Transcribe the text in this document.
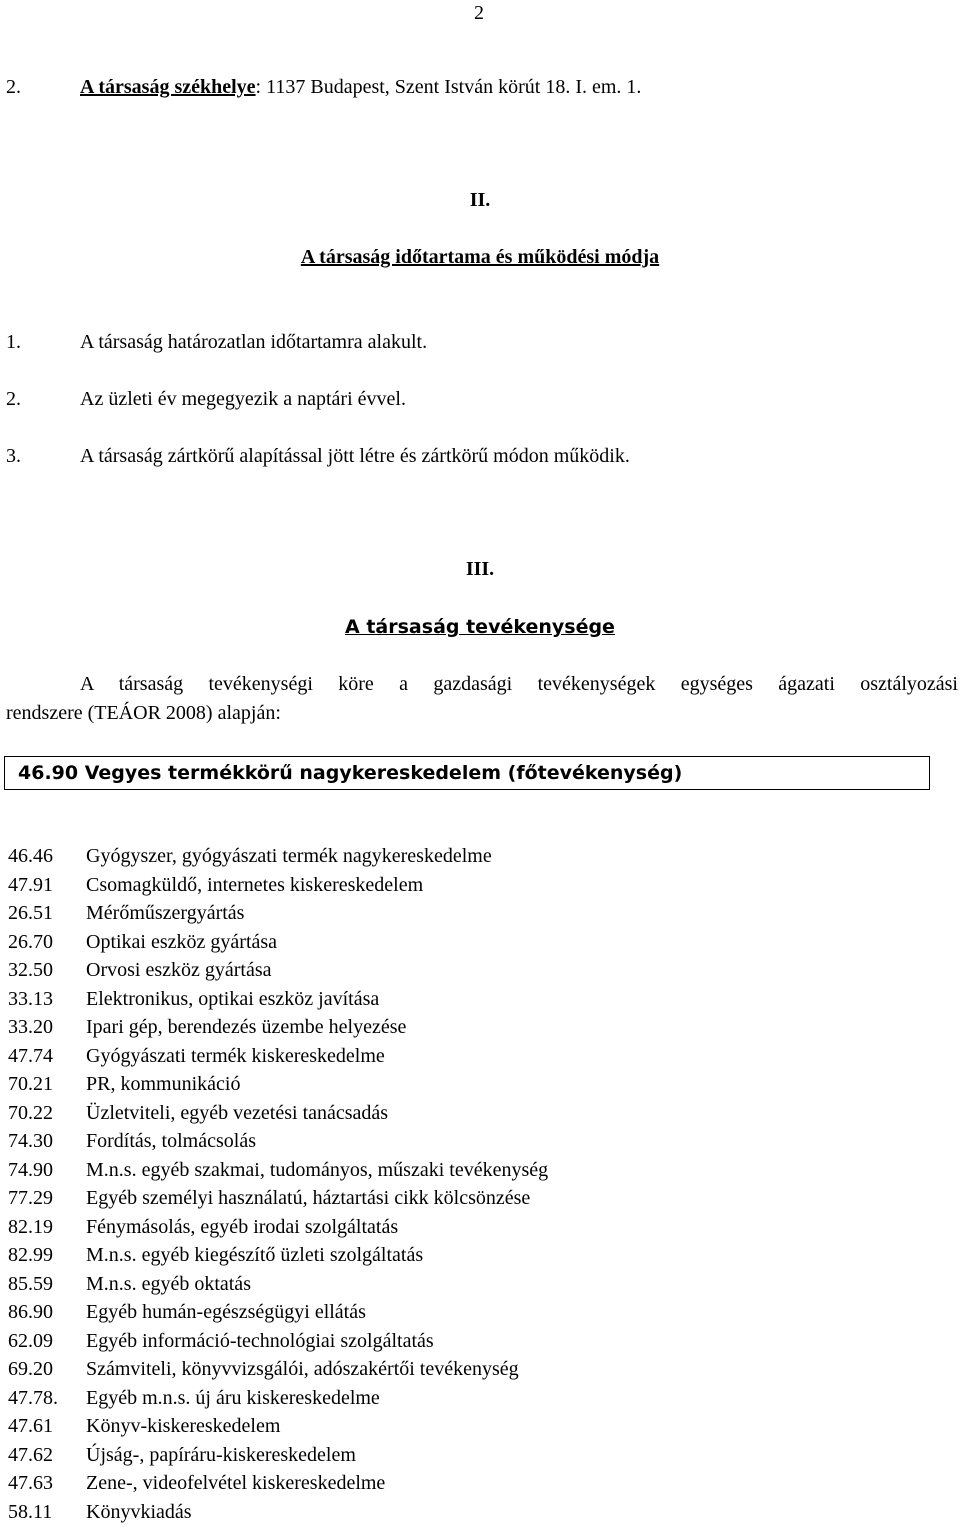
2
2.	A társaság székhelye: 1137 Budapest, Szent István körút 18. I. em. 1.
II.
A társaság időtartama és működési módja
1.	A társaság határozatlan időtartamra alakult.
2.	Az üzleti év megegyezik a naptári évvel.
3.	A társaság zártkörű alapítással jött létre és zártkörű módon működik.
III.
A társaság tevékenysége
A társaság tevékenységi köre a gazdasági tevékenységek egységes ágazati osztályozási
rendszere (TEÁOR 2008) alapján:
46.90 Vegyes termékkörű nagykereskedelem (főtevékenység)
46.46 Gyógyszer, gyógyászati termék nagykereskedelme
47.91 Csomagküldő, internetes kiskereskedelem
26.51 Mérőműszergyártás
26.70 Optikai eszköz gyártása
32.50 Orvosi eszköz gyártása
33.13 Elektronikus, optikai eszköz javítása
33.20 Ipari gép, berendezés üzembe helyezése
47.74 Gyógyászati termék kiskereskedelme
70.21 PR, kommunikáció
70.22 Üzletviteli, egyéb vezetési tanácsadás
74.30 Fordítás, tolmácsolás
74.90 M.n.s. egyéb szakmai, tudományos, műszaki tevékenység
77.29 Egyéb személyi használatú, háztartási cikk kölcsönzése
82.19 Fénymásolás, egyéb irodai szolgáltatás
82.99 M.n.s. egyéb kiegészítő üzleti szolgáltatás
85.59 M.n.s. egyéb oktatás
86.90 Egyéb humán-egészségügyi ellátás
62.09 Egyéb információ-technológiai szolgáltatás
69.20 Számviteli, könyvvizsgálói, adószakértői tevékenység
47.78. Egyéb m.n.s. új áru kiskereskedelme
47.61 Könyv-kiskereskedelem
47.62 Újság-, papíráru-kiskereskedelem
47.63 Zene-, videofelvétel kiskereskedelme
58.11 Könyvkiadás
